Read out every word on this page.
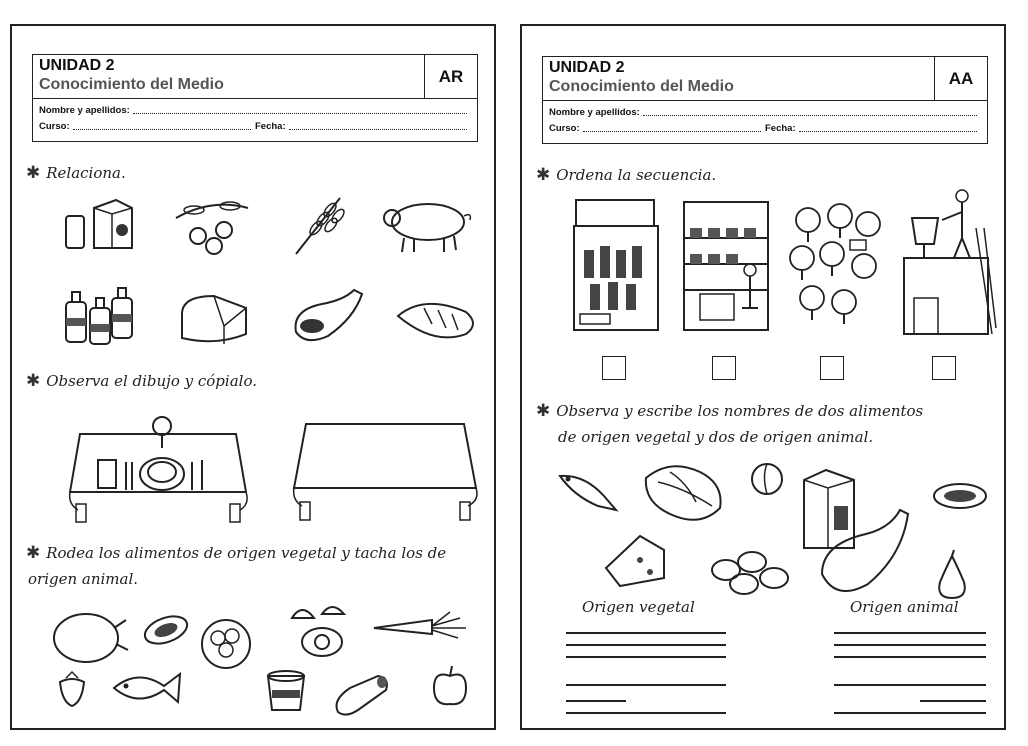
UNIDAD 2
Conocimiento del Medio	AR
Nombre y apellidos:
Curso:	Fecha:
✱ Relaciona.
✱ Observa el dibujo y cópialo.
✱ Rodea los alimentos de origen vegetal y tacha los de
origen animal.
UNIDAD 2
Conocimiento del Medio	AA
Nombre y apellidos:
Curso:	Fecha:
✱ Ordena la secuencia.
✱ Observa y escribe los nombres de dos alimentos
de origen vegetal y dos de origen animal.
Origen vegetal	Origen animal
